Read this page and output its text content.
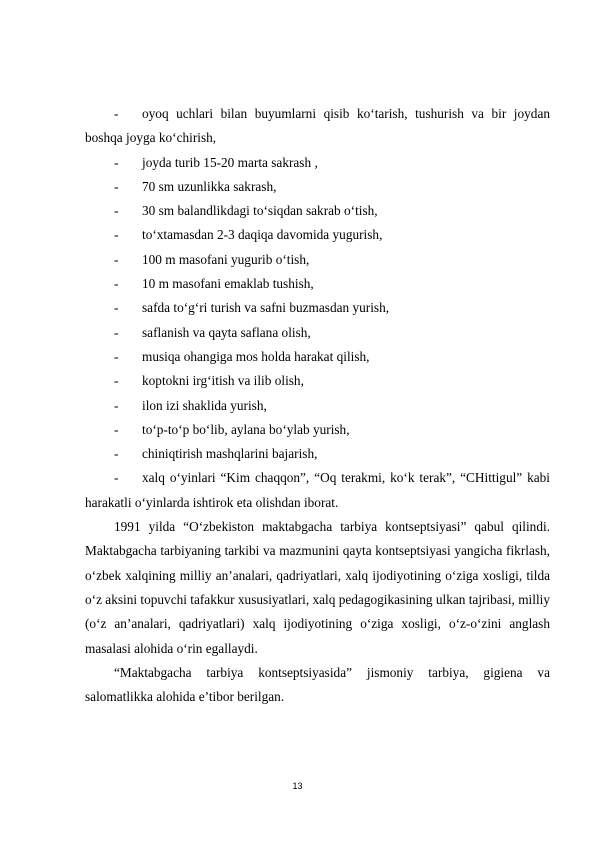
- oyoq uchlari bilan buyumlarni qisib ko‘tarish, tushurish va bir joydan boshqa joyga ko‘chirish,

- joyda turib 15-20 marta sakrash ,

- 70 sm uzunlikka sakrash,

- 30 sm balandlikdagi to‘siqdan sakrab o‘tish,

- to‘xtamasdan 2-3 daqiqa davomida yugurish,

- 100 m masofani yugurib o‘tish,

- 10 m masofani emaklab tushish,

- safda to‘g‘ri turish va safni buzmasdan yurish,

- saflanish va qayta saflana olish,

- musiqa ohangiga mos holda harakat qilish,

- koptokni irg‘itish va ilib olish,

- ilon izi shaklida yurish,

- to‘p-to‘p bo‘lib, aylana bo‘ylab yurish,

- chiniqtirish mashqlarini bajarish,

- xalq o‘yinlari “Kim chaqqon”, “Oq terakmi, ko‘k terak”, “CHittigul” kabi harakatli o‘yinlarda ishtirok eta olishdan iborat.

1991 yilda “O‘zbekiston maktabgacha tarbiya kontseptsiyasi” qabul qilindi. Maktabgacha tarbiyaning tarkibi va mazmunini qayta kontseptsiyasi yangicha fikrlash, o‘zbek xalqining milliy an’analari, qadriyatlari, xalq ijodiyotining o‘ziga xosligi, tilda o‘z aksini topuvchi tafakkur xususiyatlari, xalq pedagogikasining ulkan tajribasi, milliy (o‘z an’analari, qadriyatlari) xalq ijodiyotining o‘ziga xosligi, o‘z-o‘zini anglash masalasi alohida o‘rin egallaydi.

“Maktabgacha tarbiya kontseptsiyasida” jismoniy tarbiya, gigiena va salomatlikka alohida e’tibor berilgan.

13
